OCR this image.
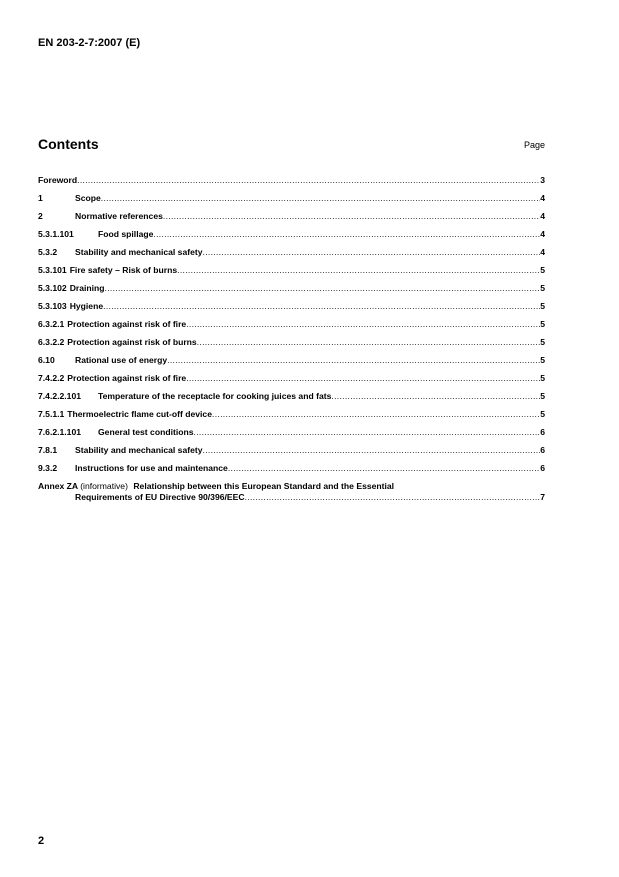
EN 203-2-7:2007 (E)
Contents	Page
Foreword .....	3
1	Scope .....	4
2	Normative references .....	4
5.3.1.101	Food spillage .....	4
5.3.2	Stability and mechanical safety .....	4
5.3.101 Fire safety – Risk of burns .....	5
5.3.102 Draining .....	5
5.3.103 Hygiene .....	5
6.3.2.1 Protection against risk of fire .....	5
6.3.2.2 Protection against risk of burns .....	5
6.10	Rational use of energy .....	5
7.4.2.2 Protection against risk of fire .....	5
7.4.2.2.101	Temperature of the receptacle for cooking juices and fats .....	5
7.5.1.1 Thermoelectric flame cut-off device .....	5
7.6.2.1.101	General test conditions .....	6
7.8.1	Stability and mechanical safety .....	6
9.3.2	Instructions for use and maintenance .....	6
Annex ZA (informative) Relationship between this European Standard and the Essential
Requirements of EU Directive 90/396/EEC .....	7
2
